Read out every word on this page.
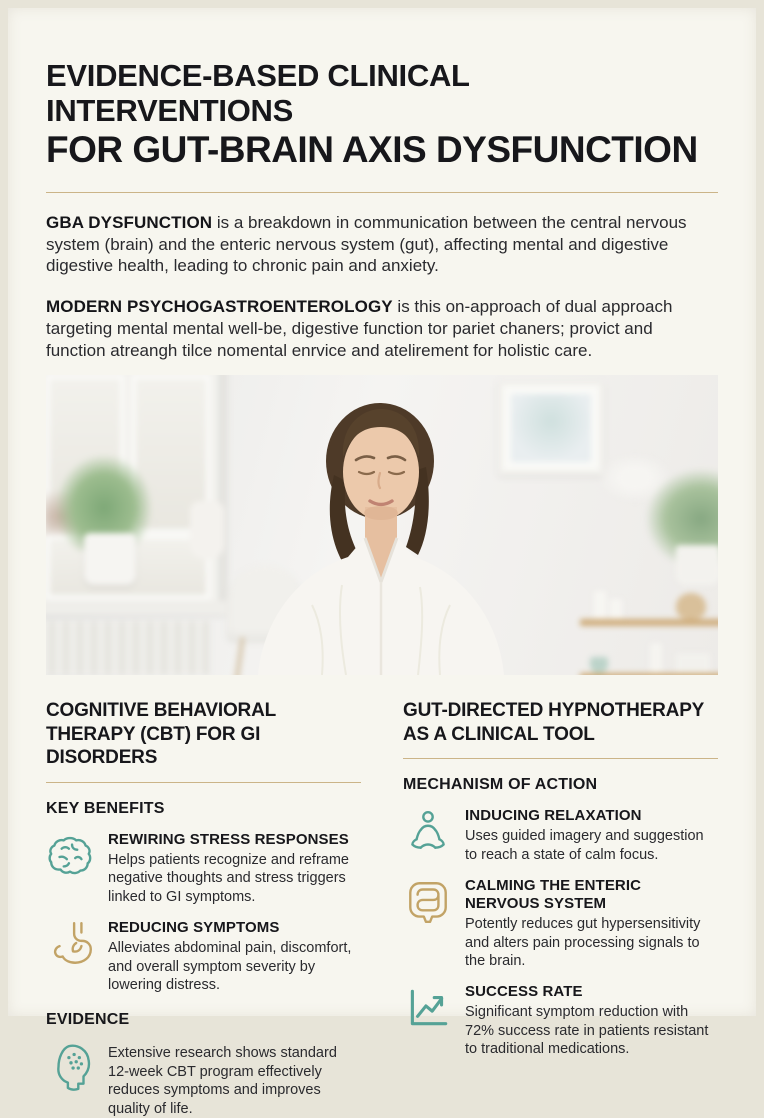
EVIDENCE-BASED CLINICAL INTERVENTIONS
FOR GUT-BRAIN AXIS DYSFUNCTION

GBA DYSFUNCTION is a breakdown in communication between the central nervous system (brain) and the enteric nervous system (gut), affecting mental and digestive digestive health, leading to chronic pain and anxiety.

MODERN PSYCHOGASTROENTEROLOGY is this on-approach of dual approach targeting mental mental well-be, digestive function tor pariet chaners; provict and function atreangh tilce nomental enrvice and atelirement for holistic care.

COGNITIVE BEHAVIORAL THERAPY (CBT) FOR GI DISORDERS
KEY BENEFITS
REWIRING STRESS RESPONSES
Helps patients recognize and reframe negative thoughts and stress triggers linked to GI symptoms.
REDUCING SYMPTOMS
Alleviates abdominal pain, discomfort, and overall symptom severity by lowering distress.
EVIDENCE
Extensive research shows standard 12-week CBT program effectively reduces symptoms and improves quality of life.
GUT-DIRECTED HYPNOTHERAPY AS A CLINICAL TOOL
MECHANISM OF ACTION
INDUCING RELAXATION
Uses guided imagery and suggestion to reach a state of calm focus.
CALMING THE ENTERIC NERVOUS SYSTEM
Potently reduces gut hypersensitivity and alters pain processing signals to the brain.
SUCCESS RATE
Significant symptom reduction with 72% success rate in patients resistant to traditional medications.
